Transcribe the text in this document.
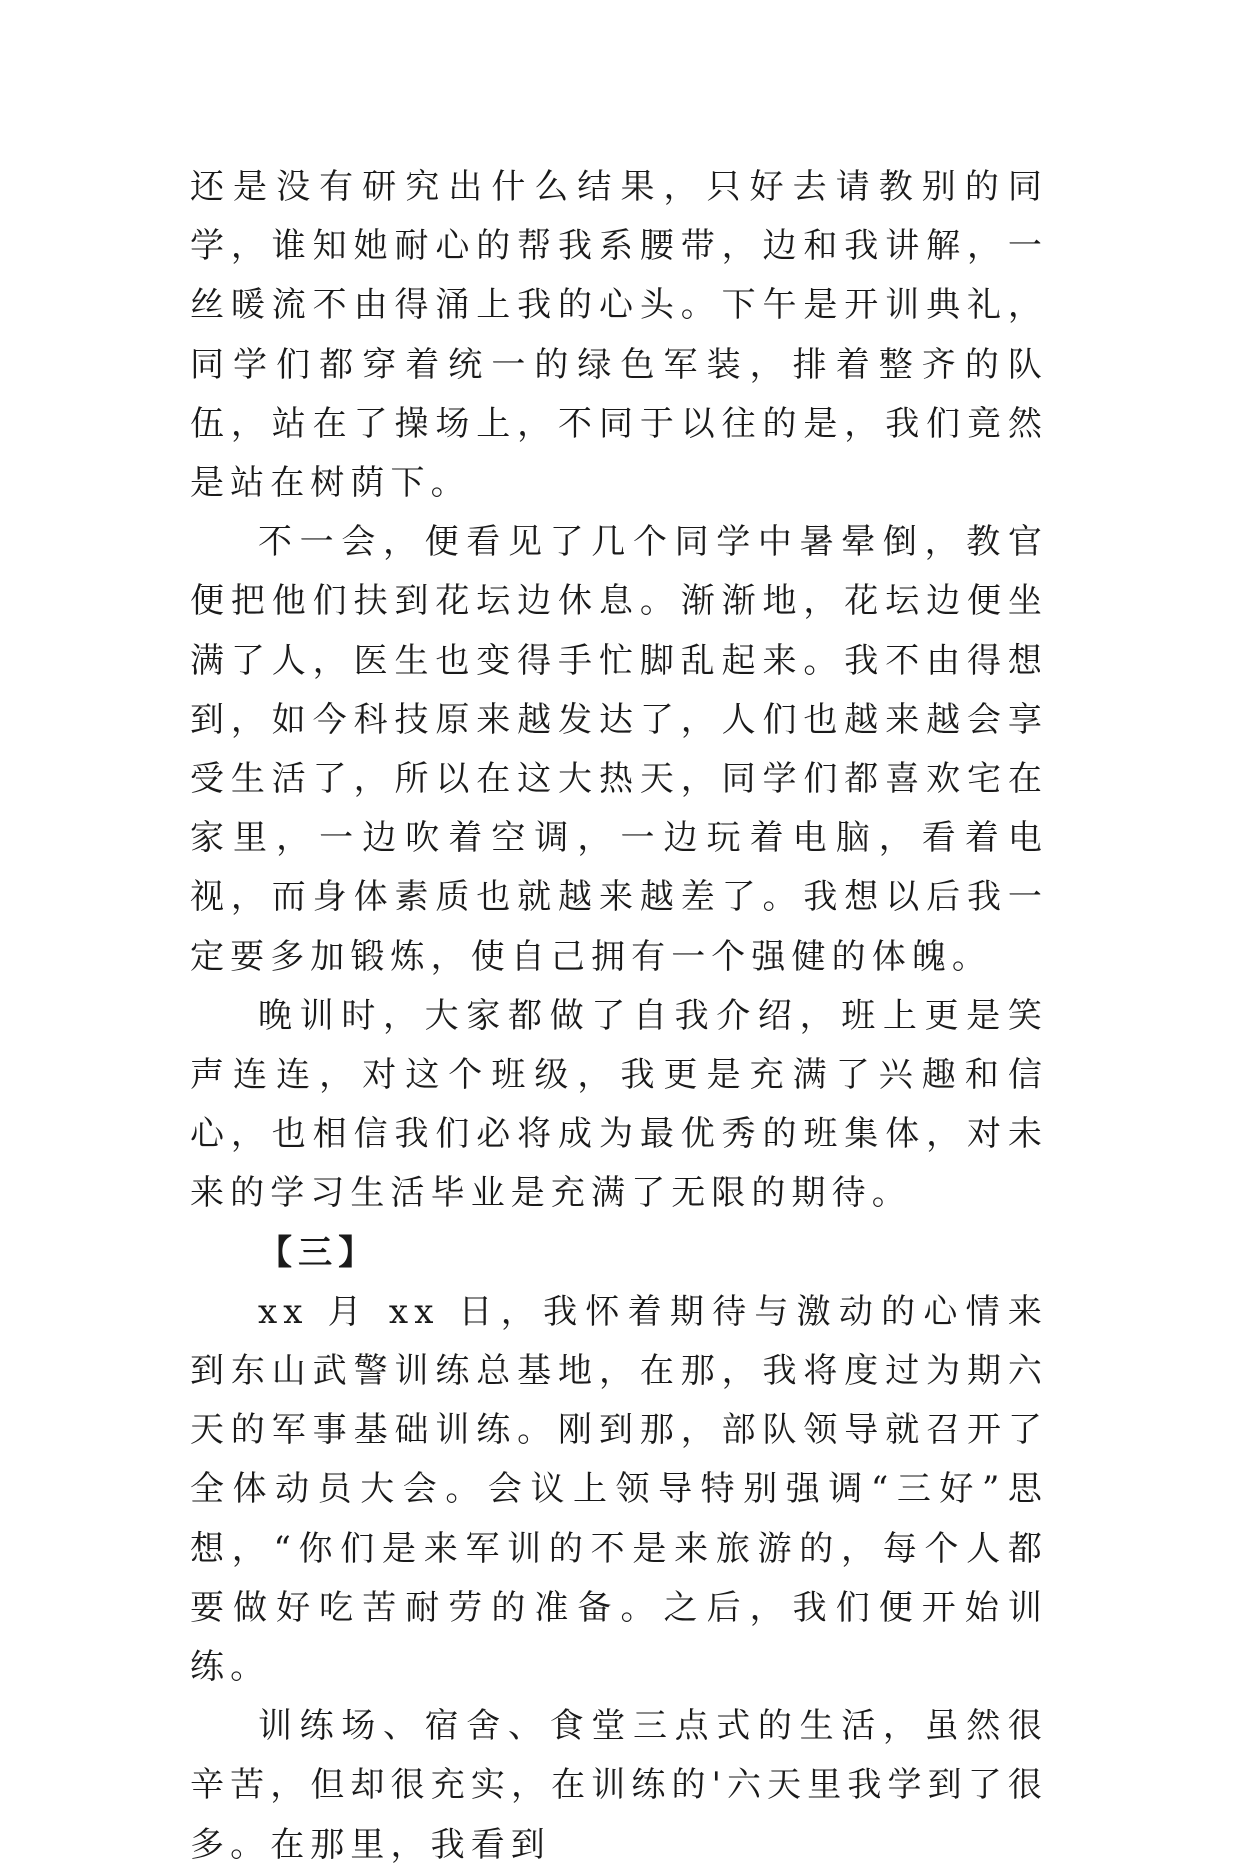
还是没有研究出什么结果，只好去请教别的同学，谁知她耐心的帮我系腰带，边和我讲解，一丝暖流不由得涌上我的心头。下午是开训典礼，同学们都穿着统一的绿色军装，排着整齐的队伍，站在了操场上，不同于以往的是，我们竟然是站在树荫下。

不一会，便看见了几个同学中暑晕倒，教官便把他们扶到花坛边休息。渐渐地，花坛边便坐满了人，医生也变得手忙脚乱起来。我不由得想到，如今科技原来越发达了，人们也越来越会享受生活了，所以在这大热天，同学们都喜欢宅在家里，一边吹着空调，一边玩着电脑，看着电视，而身体素质也就越来越差了。我想以后我一定要多加锻炼，使自己拥有一个强健的体魄。

晚训时，大家都做了自我介绍，班上更是笑声连连，对这个班级，我更是充满了兴趣和信心，也相信我们必将成为最优秀的班集体，对未来的学习生活毕业是充满了无限的期待。

【三】

xx 月 xx 日，我怀着期待与激动的心情来到东山武警训练总基地，在那，我将度过为期六天的军事基础训练。刚到那，部队领导就召开了全体动员大会。会议上领导特别强调“三好”思想，“你们是来军训的不是来旅游的，每个人都要做好吃苦耐劳的准备。之后，我们便开始训练。

训练场、宿舍、食堂三点式的生活，虽然很辛苦，但却很充实，在训练的'六天里我学到了很多。在那里，我看到
